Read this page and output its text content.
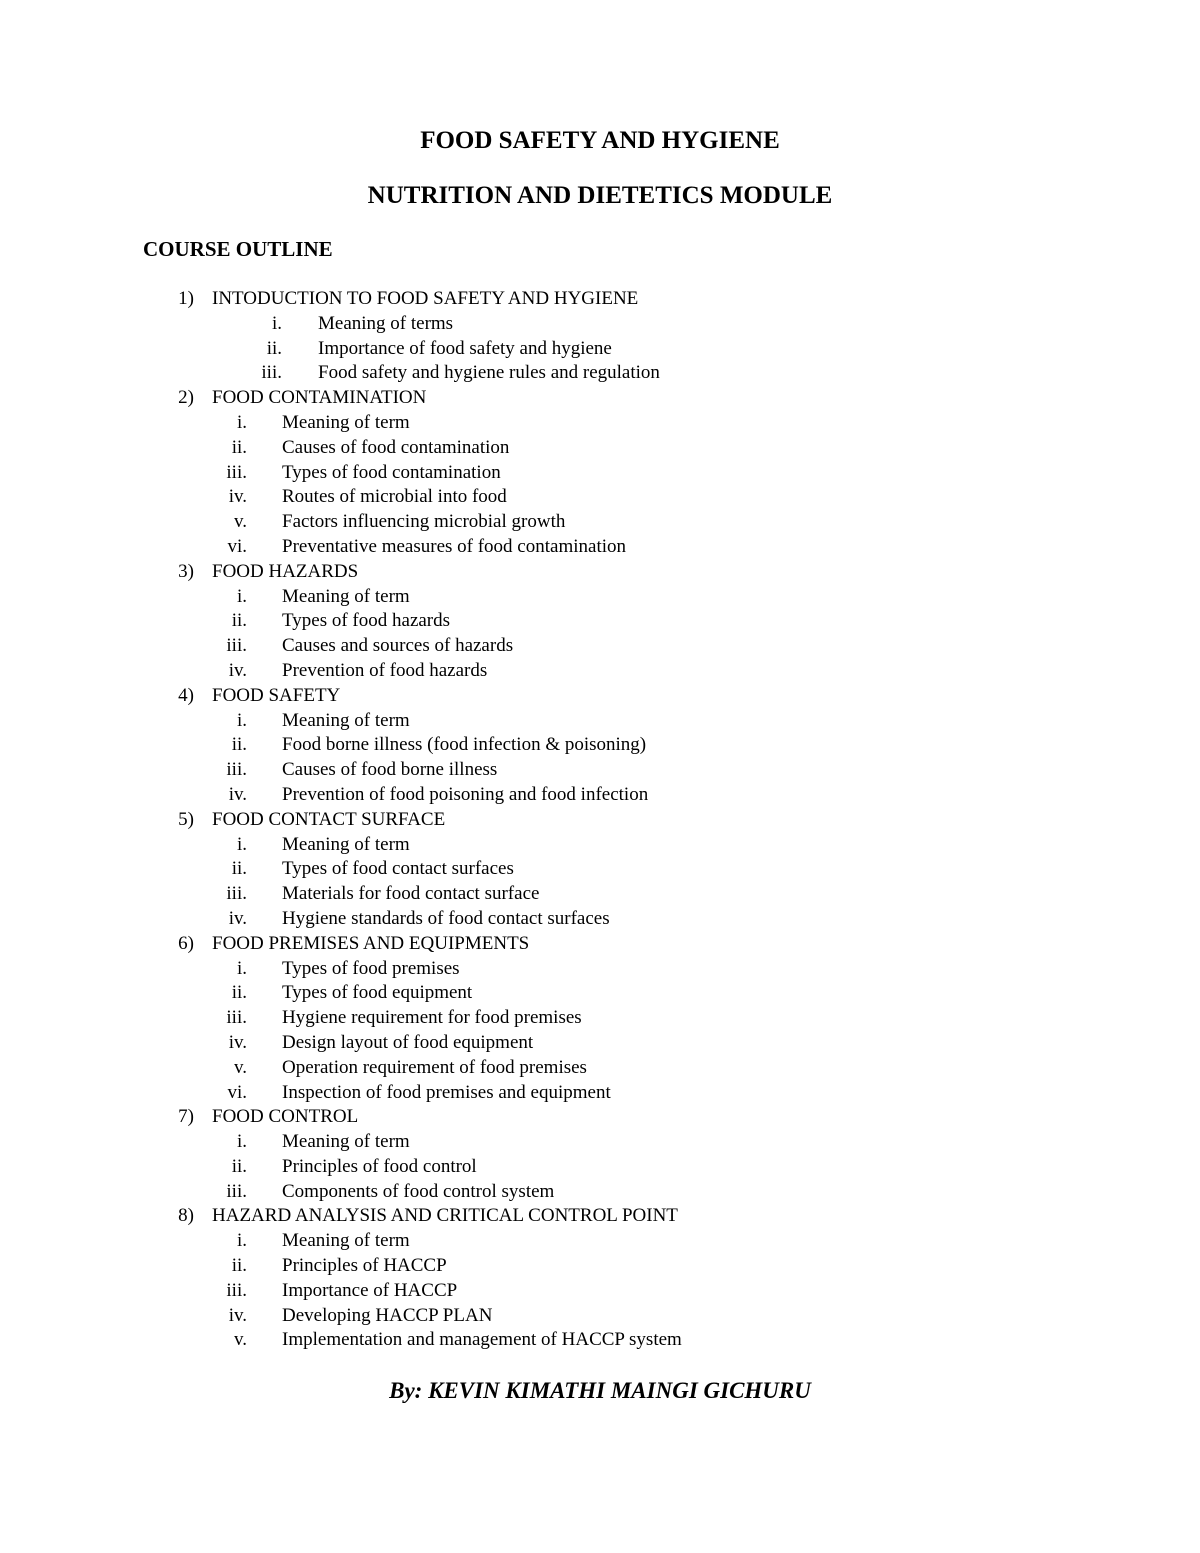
FOOD SAFETY AND HYGIENE
NUTRITION AND DIETETICS MODULE
COURSE OUTLINE
1) INTODUCTION TO FOOD SAFETY AND HYGIENE
i. Meaning of terms
ii. Importance of food safety and hygiene
iii. Food safety and hygiene rules and regulation
2) FOOD CONTAMINATION
i. Meaning of term
ii. Causes of food contamination
iii. Types of food contamination
iv. Routes of microbial into food
v. Factors influencing microbial growth
vi. Preventative measures of food contamination
3) FOOD HAZARDS
i. Meaning of term
ii. Types of food hazards
iii. Causes and sources of hazards
iv. Prevention of food hazards
4) FOOD SAFETY
i. Meaning of term
ii. Food borne illness (food infection & poisoning)
iii. Causes of food borne illness
iv. Prevention of food poisoning and food infection
5) FOOD CONTACT SURFACE
i. Meaning of term
ii. Types of food contact surfaces
iii. Materials for food contact surface
iv. Hygiene standards of food contact surfaces
6) FOOD PREMISES AND EQUIPMENTS
i. Types of food premises
ii. Types of food equipment
iii. Hygiene requirement for food premises
iv. Design layout of food equipment
v. Operation requirement of food premises
vi. Inspection of food premises and equipment
7) FOOD CONTROL
i. Meaning of term
ii. Principles of food control
iii. Components of food control system
8) HAZARD ANALYSIS AND CRITICAL CONTROL POINT
i. Meaning of term
ii. Principles of HACCP
iii. Importance of HACCP
iv. Developing HACCP PLAN
v. Implementation and management of HACCP system

By: KEVIN KIMATHI MAINGI GICHURU
